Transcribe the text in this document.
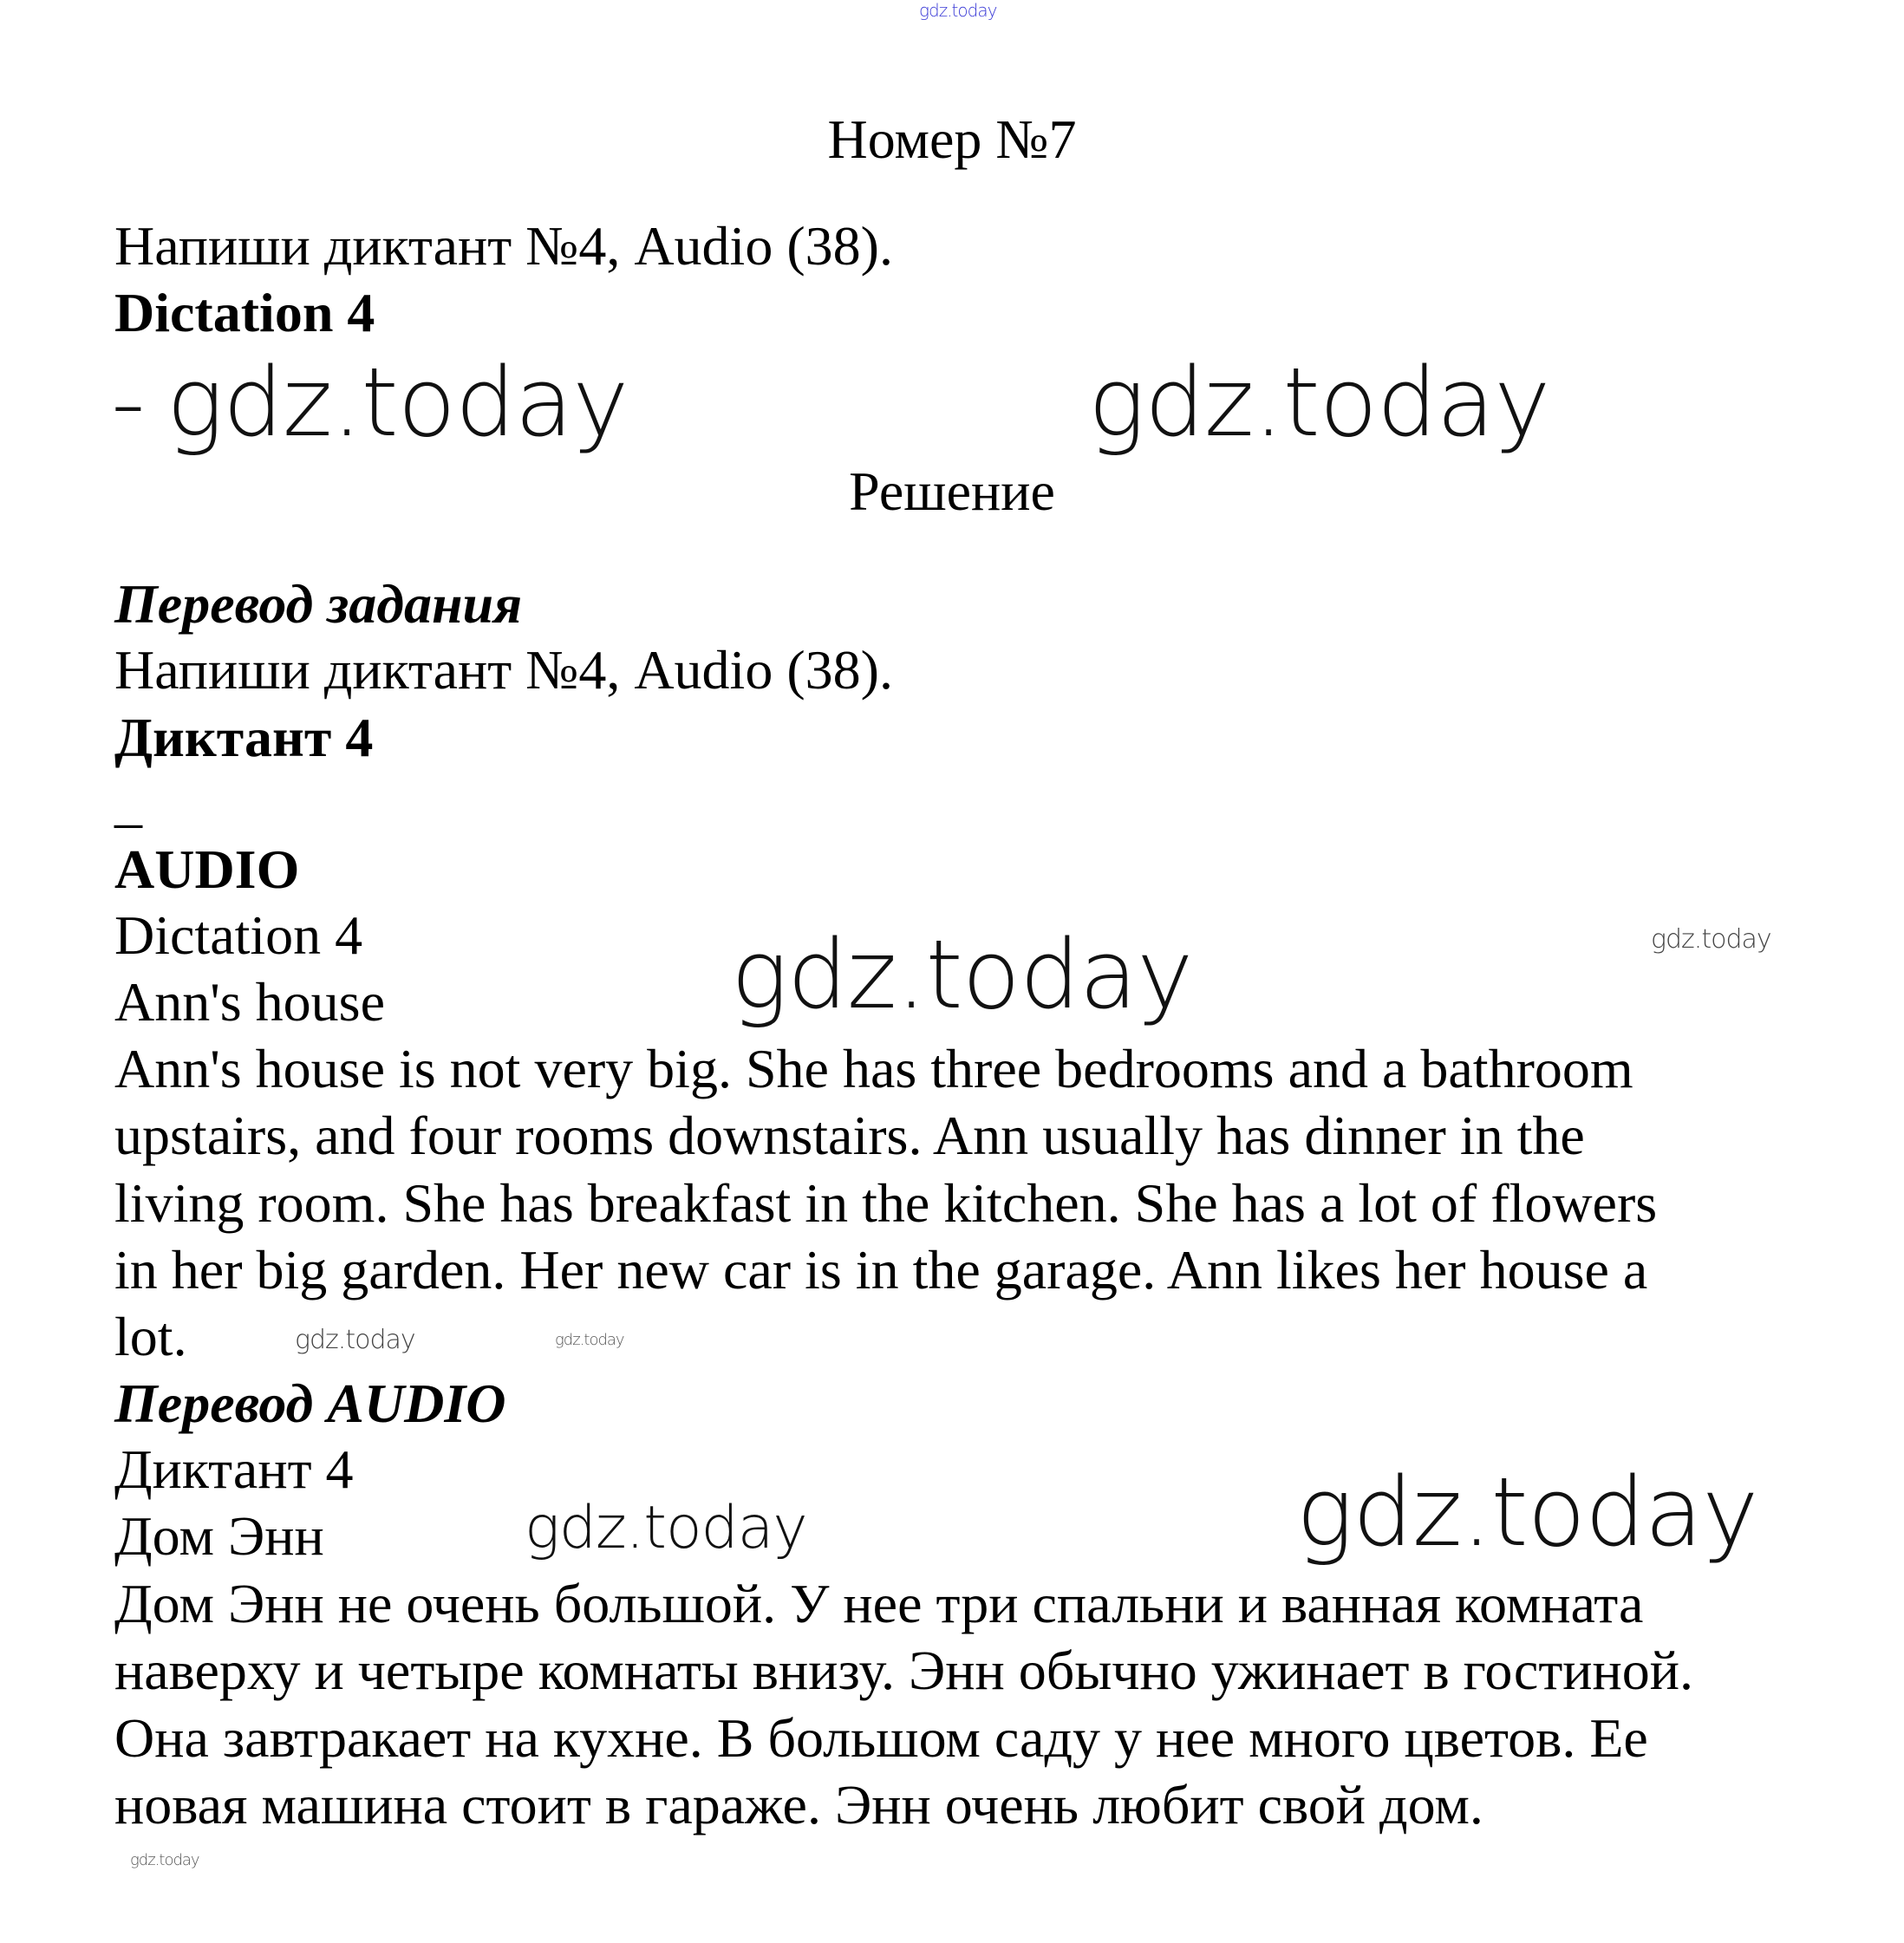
gdz.today
Номер №7
Напиши диктант №4, Audio (38).
Dictation 4
- gdz.today	gdz.today
Решение
Перевод задания
Напиши диктант №4, Audio (38).
Диктант 4
_
AUDIO
Dictation 4
Ann's house
Ann's house is not very big. She has three bedrooms and a bathroom
upstairs, and four rooms downstairs. Ann usually has dinner in the
living room. She has breakfast in the kitchen. She has a lot of flowers
in her big garden. Her new car is in the garage. Ann likes her house a
lot.
gdz.today	gdz.today
gdz.today	gdz.today
Перевод AUDIO
Диктант 4
Дом Энн
Дом Энн не очень большой. У нее три спальни и ванная комната
наверху и четыре комнаты внизу. Энн обычно ужинает в гостиной.
Она завтракает на кухне. В большом саду у нее много цветов. Ее
новая машина стоит в гараже. Энн очень любит свой дом.
gdz.today	gdz.today
gdz.today
